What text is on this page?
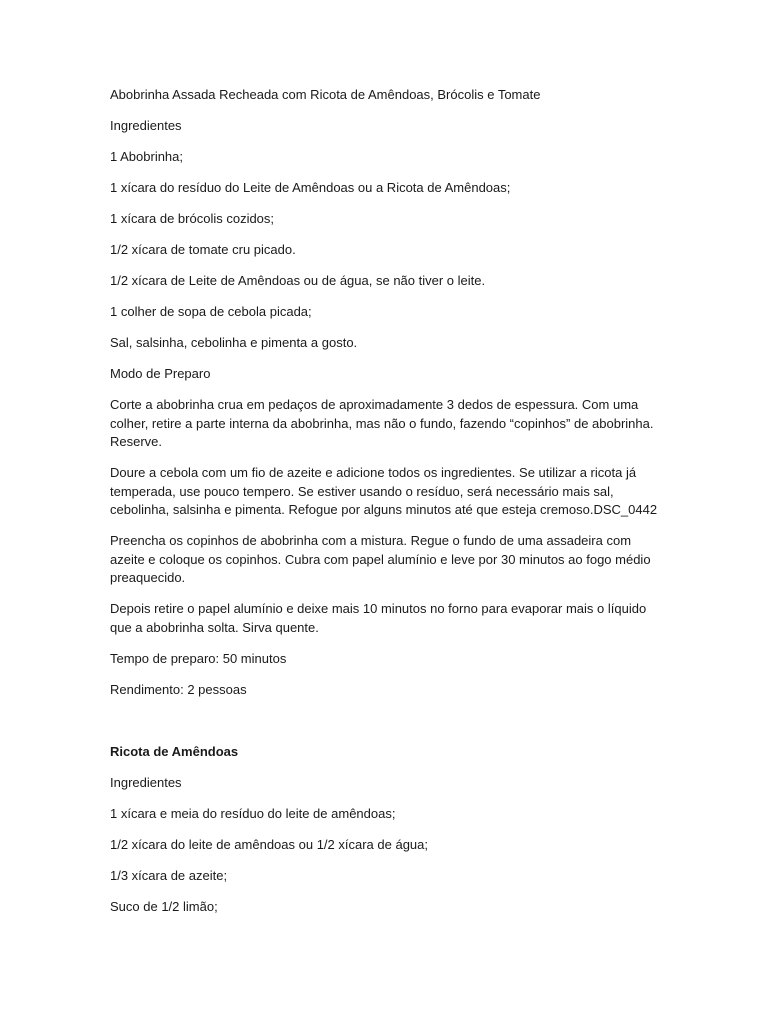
Abobrinha Assada Recheada com Ricota de Amêndoas, Brócolis e Tomate

Ingredientes

1 Abobrinha;

1 xícara do resíduo do Leite de Amêndoas ou a Ricota de Amêndoas;

1 xícara de brócolis cozidos;

1/2 xícara de tomate cru picado.

1/2 xícara de Leite de Amêndoas ou de água, se não tiver o leite.

1 colher de sopa de cebola picada;

Sal, salsinha, cebolinha e pimenta a gosto.

Modo de Preparo

Corte a abobrinha crua em pedaços de aproximadamente 3 dedos de espessura. Com uma colher, retire a parte interna da abobrinha, mas não o fundo, fazendo “copinhos” de abobrinha. Reserve.

Doure a cebola com um fio de azeite e adicione todos os ingredientes. Se utilizar a ricota já temperada, use pouco tempero. Se estiver usando o resíduo, será necessário mais sal, cebolinha, salsinha e pimenta. Refogue por alguns minutos até que esteja cremoso.DSC_0442

Preencha os copinhos de abobrinha com a mistura. Regue o fundo de uma assadeira com azeite e coloque os copinhos. Cubra com papel alumínio e leve por 30 minutos ao fogo médio preaquecido.

Depois retire o papel alumínio e deixe mais 10 minutos no forno para evaporar mais o líquido que a abobrinha solta. Sirva quente.

Tempo de preparo: 50 minutos

Rendimento: 2 pessoas

Ricota de Amêndoas

Ingredientes

1 xícara e meia do resíduo do leite de amêndoas;

1/2 xícara do leite de amêndoas ou 1/2 xícara de água;

1/3 xícara de azeite;

Suco de 1/2 limão;
